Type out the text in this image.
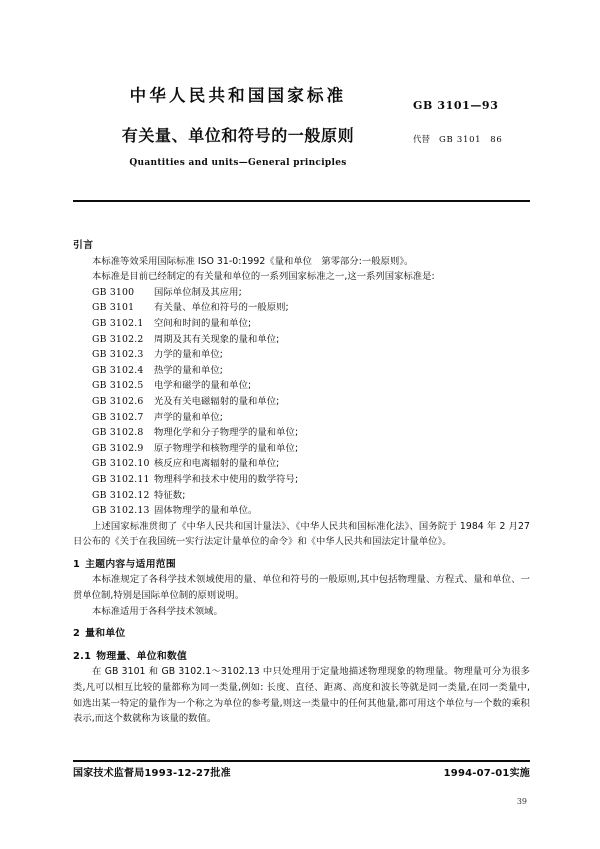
中华人民共和国国家标准
有关量、单位和符号的一般原则
Quantities and units—General principles
GB 3101—93
代替 GB 3101 86
引言
本标准等效采用国际标准 ISO 31-0:1992《量和单位　第零部分:一般原则》。
本标准是目前已经制定的有关量和单位的一系列国家标准之一,这一系列国家标准是:
GB 3100 国际单位制及其应用;
GB 3101 有关量、单位和符号的一般原则;
GB 3102.1 空间和时间的量和单位;
GB 3102.2 周期及其有关现象的量和单位;
GB 3102.3 力学的量和单位;
GB 3102.4 热学的量和单位;
GB 3102.5 电学和磁学的量和单位;
GB 3102.6 光及有关电磁辐射的量和单位;
GB 3102.7 声学的量和单位;
GB 3102.8 物理化学和分子物理学的量和单位;
GB 3102.9 原子物理学和核物理学的量和单位;
GB 3102.10 核反应和电离辐射的量和单位;
GB 3102.11 物理科学和技术中使用的数学符号;
GB 3102.12 特征数;
GB 3102.13 固体物理学的量和单位。
上述国家标准贯彻了《中华人民共和国计量法》、《中华人民共和国标准化法》、国务院于 1984 年 2 月27 日公布的《关于在我国统一实行法定计量单位的命令》和《中华人民共和国法定计量单位》。
1 主题内容与适用范围
本标准规定了各科学技术领域使用的量、单位和符号的一般原则,其中包括物理量、方程式、量和单位、一贯单位制,特别是国际单位制的原则说明。
本标准适用于各科学技术领域。
2 量和单位
2.1 物理量、单位和数值
在 GB 3101 和 GB 3102.1～3102.13 中只处理用于定量地描述物理现象的物理量。物理量可分为很多类,凡可以相互比较的量都称为同一类量,例如: 长度、直径、距离、高度和波长等就是同一类量,在同一类量中,如选出某一特定的量作为一个称之为单位的参考量,则这一类量中的任何其他量,都可用这个单位与一个数的乘积表示,而这个数就称为该量的数值。
国家技术监督局1993-12-27批准	1994-07-01实施
39
